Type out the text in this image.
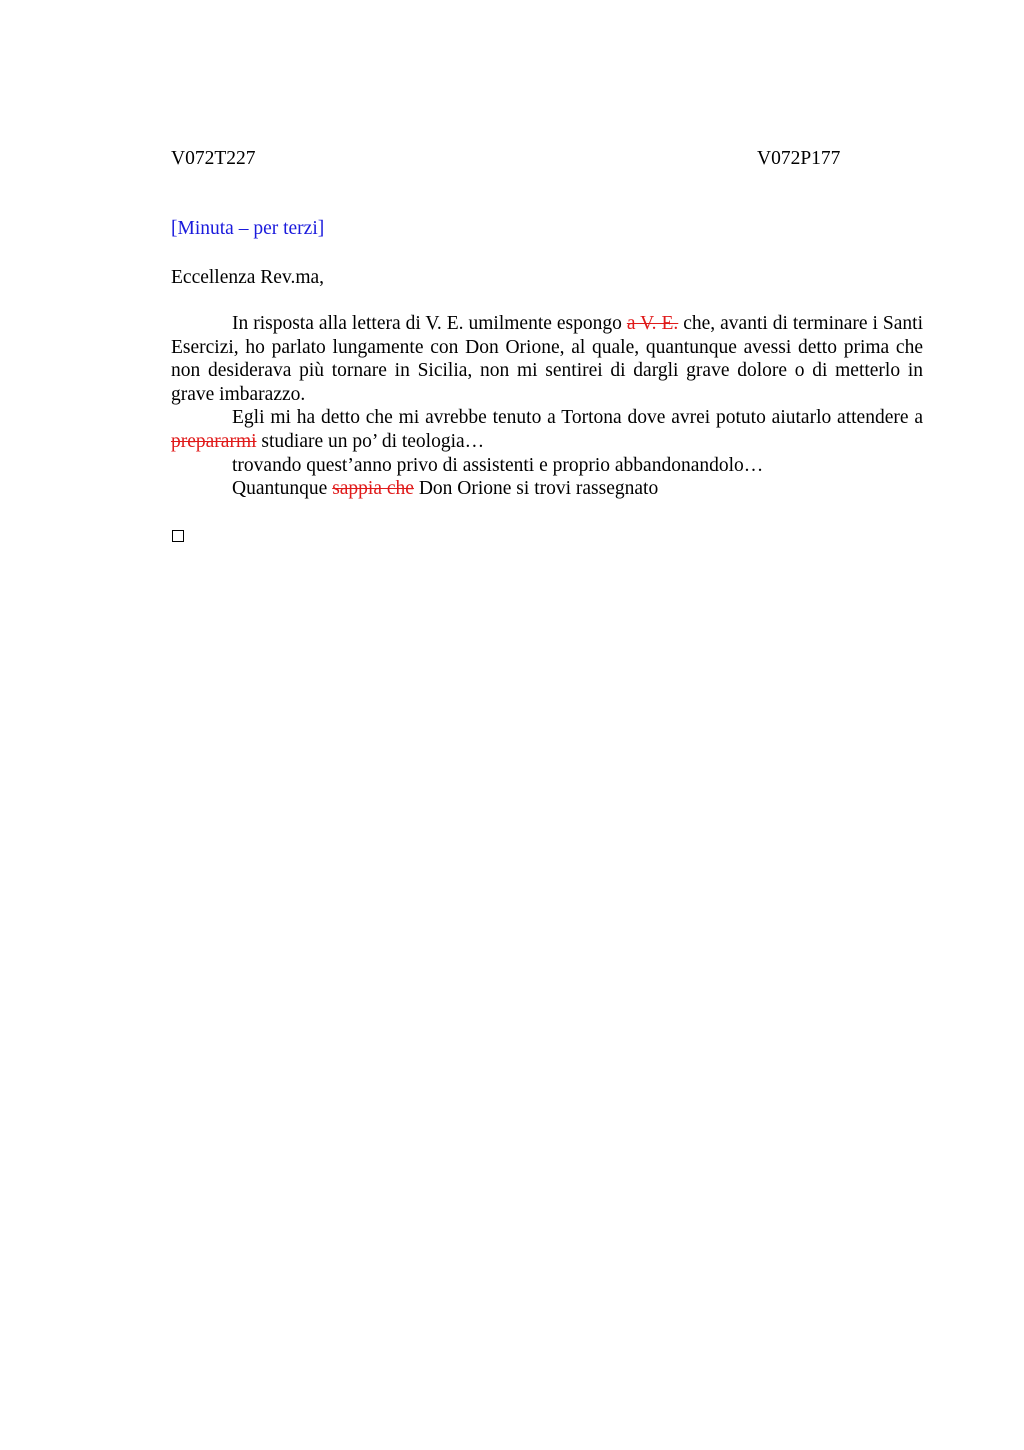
V072T227	V072P177
[Minuta – per terzi]
Eccellenza Rev.ma,

In risposta alla lettera di V. E. umilmente espongo a V. E. che, avanti di terminare i Santi Esercizi, ho parlato lungamente con Don Orione, al quale, quantunque avessi detto prima che non desiderava più tornare in Sicilia, non mi sentirei di dargli grave dolore o di metterlo in grave imbarazzo.

Egli mi ha detto che mi avrebbe tenuto a Tortona dove avrei potuto aiutarlo attendere a prepararmi studiare un po’ di teologia…

trovando quest’anno privo di assistenti e proprio abbandonandolo…

Quantunque sappia che Don Orione si trovi rassegnato
